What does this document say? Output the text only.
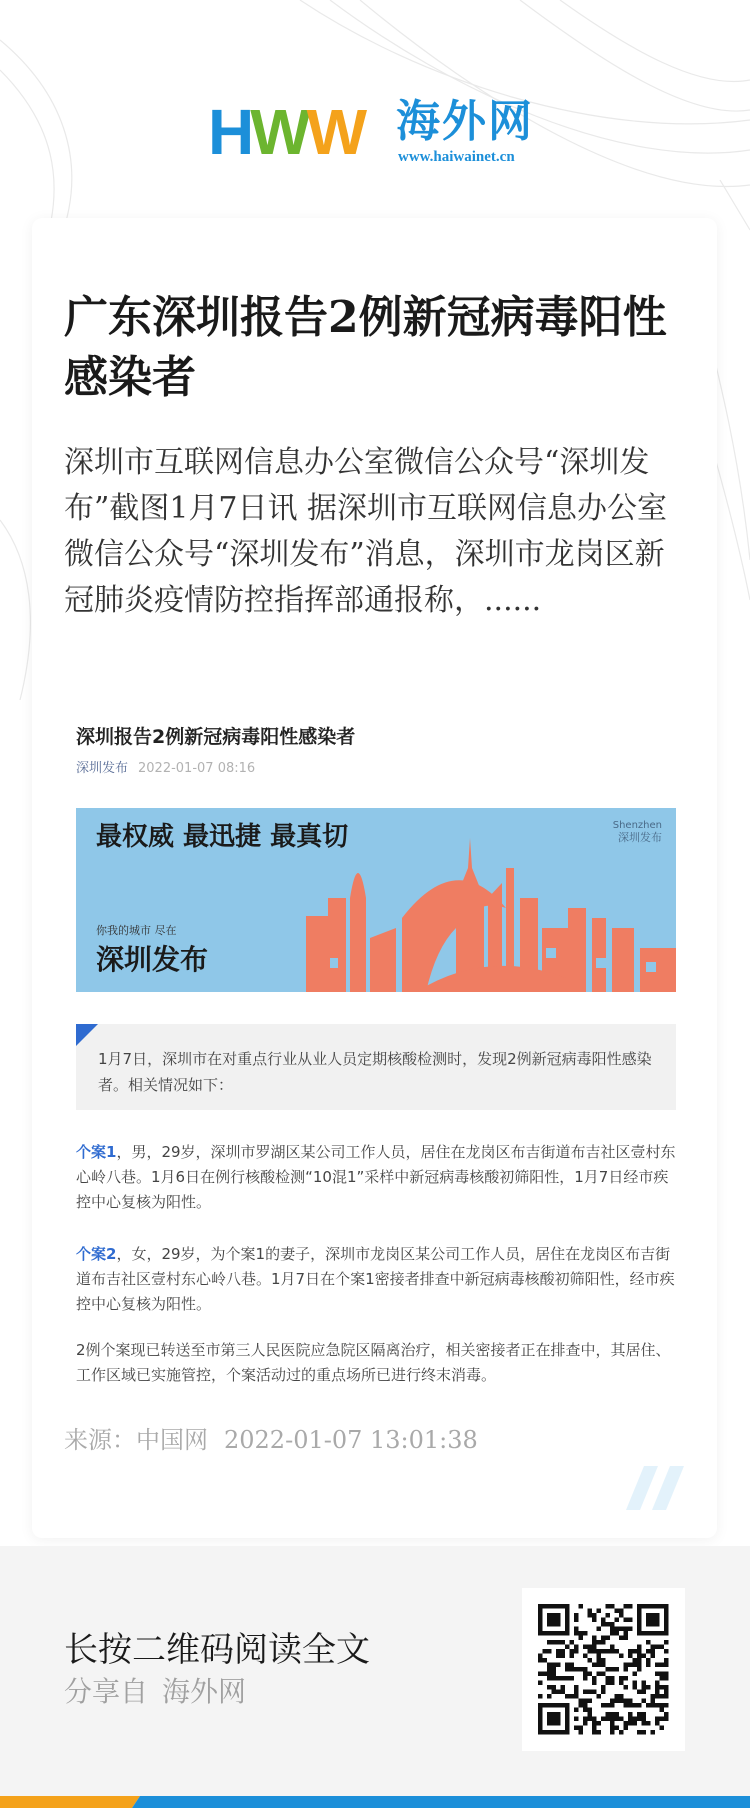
HWW 海外网
www.haiwainet.cn
广东深圳报告2例新冠病毒阳性感染者
深圳市互联网信息办公室微信公众号“深圳发布”截图1月7日讯 据深圳市互联网信息办公室微信公众号“深圳发布”消息，深圳市龙岗区新冠肺炎疫情防控指挥部通报称，......
深圳报告2例新冠病毒阳性感染者
深圳发布 2022-01-07 08:16
最权威 最迅捷 最真切
你我的城市 尽在
深圳发布
Shenzhen
深圳发布
1月7日，深圳市在对重点行业从业人员定期核酸检测时，发现2例新冠病毒阳性感染者。相关情况如下：
个案1，男，29岁，深圳市罗湖区某公司工作人员，居住在龙岗区布吉街道布吉社区壹村东心岭八巷。1月6日在例行核酸检测“10混1”采样中新冠病毒核酸初筛阳性，1月7日经市疾控中心复核为阳性。
个案2，女，29岁，为个案1的妻子，深圳市龙岗区某公司工作人员，居住在龙岗区布吉街道布吉社区壹村东心岭八巷。1月7日在个案1密接者排查中新冠病毒核酸初筛阳性，经市疾控中心复核为阳性。
2例个案现已转送至市第三人民医院应急院区隔离治疗，相关密接者正在排查中，其居住、工作区域已实施管控，个案活动过的重点场所已进行终末消毒。
来源：中国网 2022-01-07 13:01:38
长按二维码阅读全文
分享自 海外网
